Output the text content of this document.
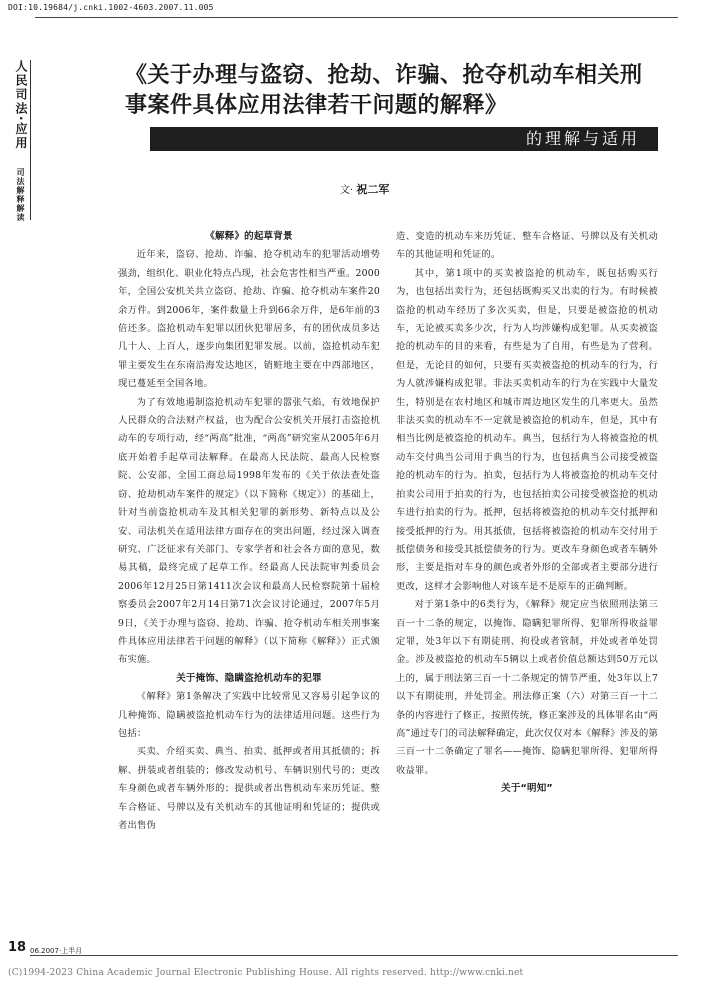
DOI:10.19684/j.cnki.1002-4603.2007.11.005
人民司法·应用
司法解释解读
《关于办理与盗窃、抢劫、诈骗、抢夺机动车相关刑事案件具体应用法律若干问题的解释》
的理解与适用
文· 祝二军
《解释》的起草背景

近年来，盗窃、抢劫、诈骗、抢夺机动车的犯罪活动增势强劲，组织化、职业化特点凸现，社会危害性相当严重。2000年，全国公安机关共立盗窃、抢劫、诈骗、抢夺机动车案件20余万件。到2006年，案件数量上升到66余万件，是6年前的3倍还多。盗抢机动车犯罪以团伙犯罪居多，有的团伙成员多达几十人、上百人，逐步向集团犯罪发展。以前，盗抢机动车犯罪主要发生在东南沿海发达地区，销赃地主要在中西部地区，现已蔓延至全国各地。

为了有效地遏制盗抢机动车犯罪的嚣张气焰，有效地保护人民群众的合法财产权益，也为配合公安机关开展打击盗抢机动车的专项行动，经“两高”批准，“两高”研究室从2005年6月底开始着手起草司法解释。在最高人民法院、最高人民检察院、公安部、全国工商总局1998年发布的《关于依法查处盗窃、抢劫机动车案件的规定》（以下简称《规定》）的基础上，针对当前盗抢机动车及其相关犯罪的新形势、新特点以及公安、司法机关在适用法律方面存在的突出问题，经过深入调查研究、广泛征求有关部门、专家学者和社会各方面的意见，数易其稿，最终完成了起草工作。经最高人民法院审判委员会2006年12月25日第1411次会议和最高人民检察院第十届检察委员会2007年2月14日第71次会议讨论通过，2007年5月9日，《关于办理与盗窃、抢劫、诈骗、抢夺机动车相关刑事案件具体应用法律若干问题的解释》（以下简称《解释》）正式颁布实施。

关于掩饰、隐瞒盗抢机动车的犯罪

《解释》第1条解决了实践中比较常见又容易引起争议的几种掩饰、隐瞒被盗抢机动车行为的法律适用问题。这些行为包括：

买卖、介绍买卖、典当、拍卖、抵押或者用其抵债的；拆解、拼装或者组装的；修改发动机号、车辆识别代号的；更改车身颜色或者车辆外形的；提供或者出售机动车来历凭证、整车合格证、号牌以及有关机动车的其他证明和凭证的；提供或者出售伪

造、变造的机动车来历凭证、整车合格证、号牌以及有关机动车的其他证明和凭证的。

其中，第1项中的买卖被盗抢的机动车，既包括购买行为，也包括出卖行为，还包括既购买又出卖的行为。有时候被盗抢的机动车经历了多次买卖，但是，只要是被盗抢的机动车，无论被买卖多少次，行为人均涉嫌构成犯罪。从买卖被盗抢的机动车的目的来看，有些是为了自用，有些是为了营利。但是，无论目的如何，只要有买卖被盗抢的机动车的行为，行为人就涉嫌构成犯罪。非法买卖机动车的行为在实践中大量发生，特别是在农村地区和城市周边地区发生的几率更大。虽然非法买卖的机动车不一定就是被盗抢的机动车，但是，其中有相当比例是被盗抢的机动车。典当，包括行为人将被盗抢的机动车交付典当公司用于典当的行为，也包括典当公司接受被盗抢的机动车的行为。拍卖，包括行为人将被盗抢的机动车交付拍卖公司用于拍卖的行为，也包括拍卖公司接受被盗抢的机动车进行拍卖的行为。抵押，包括将被盗抢的机动车交付抵押和接受抵押的行为。用其抵债，包括将被盗抢的机动车交付用于抵偿债务和接受其抵偿债务的行为。更改车身颜色或者车辆外形，主要是指对车身的颜色或者外形的全部或者主要部分进行更改，这样才会影响他人对该车是不是原车的正确判断。

对于第1条中的6类行为，《解释》规定应当依照刑法第三百一十二条的规定，以掩饰、隐瞒犯罪所得、犯罪所得收益罪定罪，处3年以下有期徒刑、拘役或者管制，并处或者单处罚金。涉及被盗抢的机动车5辆以上或者价值总额达到50万元以上的，属于刑法第三百一十二条规定的情节严重，处3年以上7以下有期徒刑，并处罚金。刑法修正案（六）对第三百一十二条的内容进行了修正，按照传统，修正案涉及的具体罪名由“两高”通过专门的司法解释确定，此次仅仅对本《解释》涉及的第三百一十二条确定了罪名——掩饰、隐瞒犯罪所得、犯罪所得收益罪。

关于“明知”
18 06.2007·上半月
(C)1994-2023 China Academic Journal Electronic Publishing House. All rights reserved. http://www.cnki.net
